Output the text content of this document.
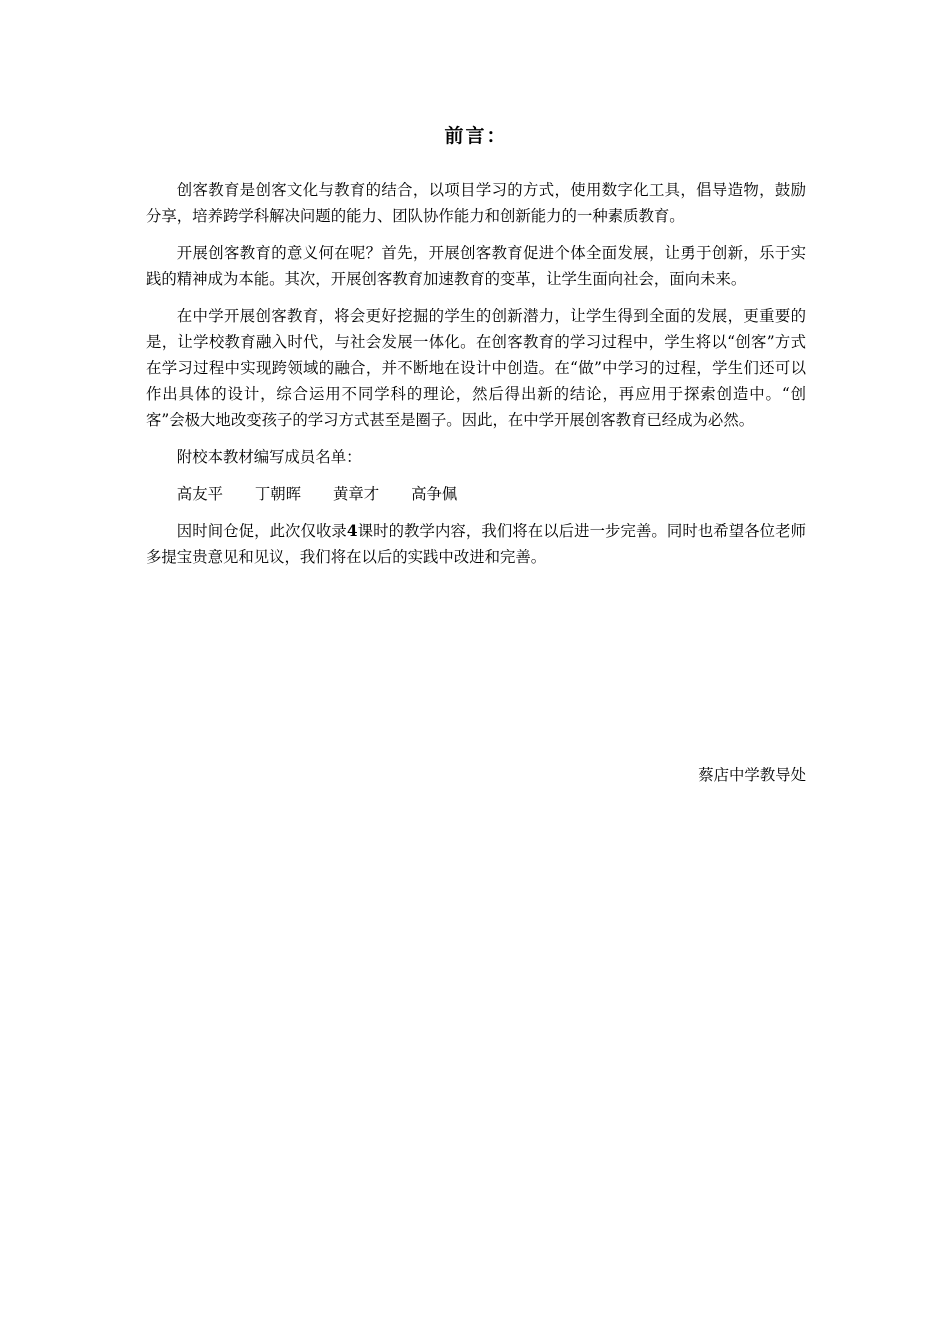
前言：

创客教育是创客文化与教育的结合，以项目学习的方式，使用数字化工具，倡导造物，鼓励分享，培养跨学科解决问题的能力、团队协作能力和创新能力的一种素质教育。

开展创客教育的意义何在呢？首先，开展创客教育促进个体全面发展，让勇于创新，乐于实践的精神成为本能。其次，开展创客教育加速教育的变革，让学生面向社会，面向未来。

在中学开展创客教育，将会更好挖掘的学生的创新潜力，让学生得到全面的发展，更重要的是，让学校教育融入时代，与社会发展一体化。在创客教育的学习过程中，学生将以“创客”方式在学习过程中实现跨领域的融合，并不断地在设计中创造。在“做”中学习的过程，学生们还可以作出具体的设计，综合运用不同学科的理论，然后得出新的结论，再应用于探索创造中。“创客”会极大地改变孩子的学习方式甚至是圈子。因此，在中学开展创客教育已经成为必然。

附校本教材编写成员名单：

高友平 丁朝晖 黄章才 高争佩

因时间仓促，此次仅收录4课时的教学内容，我们将在以后进一步完善。同时也希望各位老师多提宝贵意见和见议，我们将在以后的实践中改进和完善。

蔡店中学教导处
